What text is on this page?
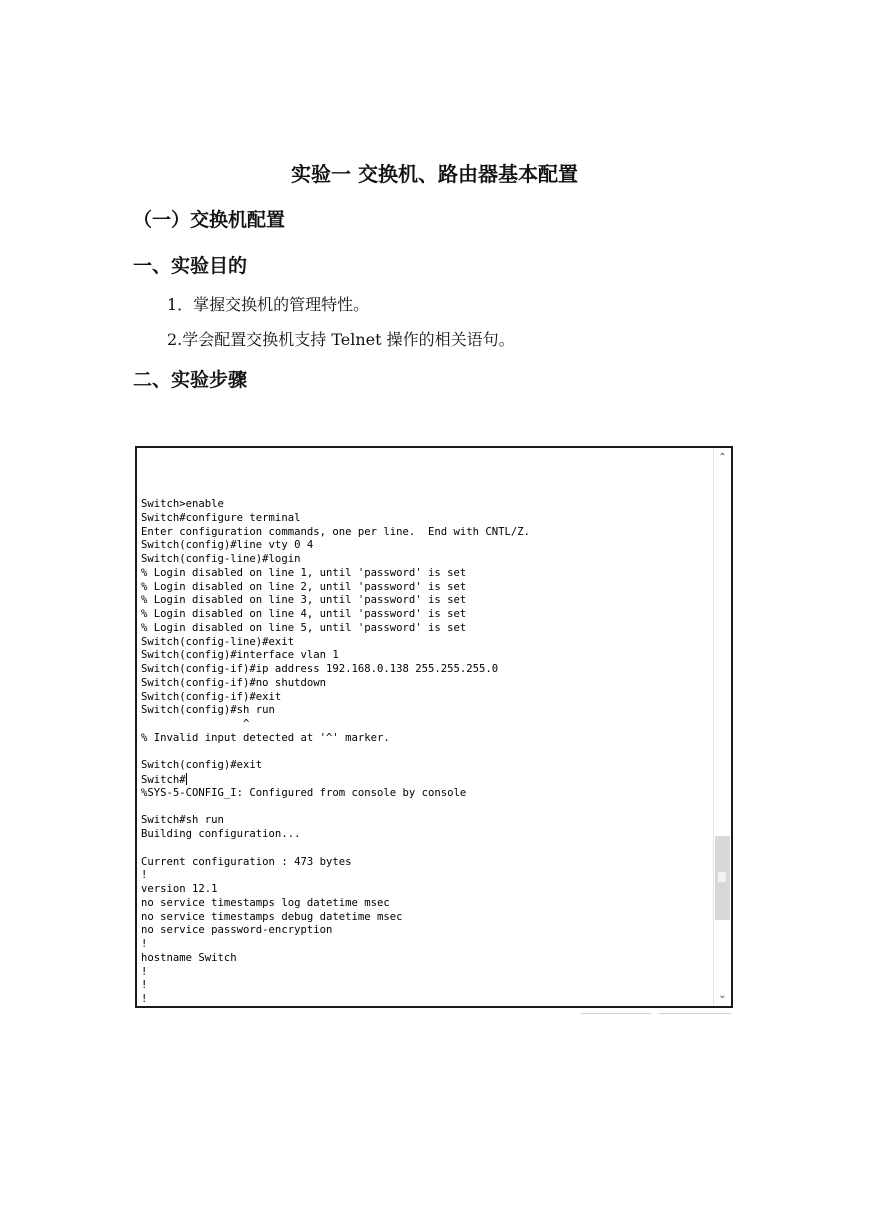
实验一 交换机、路由器基本配置
（一）交换机配置
一、实验目的
1．掌握交换机的管理特性。
2.学会配置交换机支持 Telnet 操作的相关语句。
二、实验步骤
Switch>enable
Switch#configure terminal
Enter configuration commands, one per line.  End with CNTL/Z.
Switch(config)#line vty 0 4
Switch(config-line)#login
% Login disabled on line 1, until 'password' is set
% Login disabled on line 2, until 'password' is set
% Login disabled on line 3, until 'password' is set
% Login disabled on line 4, until 'password' is set
% Login disabled on line 5, until 'password' is set
Switch(config-line)#exit
Switch(config)#interface vlan 1
Switch(config-if)#ip address 192.168.0.138 255.255.255.0
Switch(config-if)#no shutdown
Switch(config-if)#exit
Switch(config)#sh run
^
% Invalid input detected at '^' marker.
Switch(config)#exit
Switch#
%SYS-5-CONFIG_I: Configured from console by console
Switch#sh run
Building configuration...
Current configuration : 473 bytes
!
version 12.1
no service timestamps log datetime msec
no service timestamps debug datetime msec
no service password-encryption
!
hostname Switch
!
!
!
⌃
⌄
